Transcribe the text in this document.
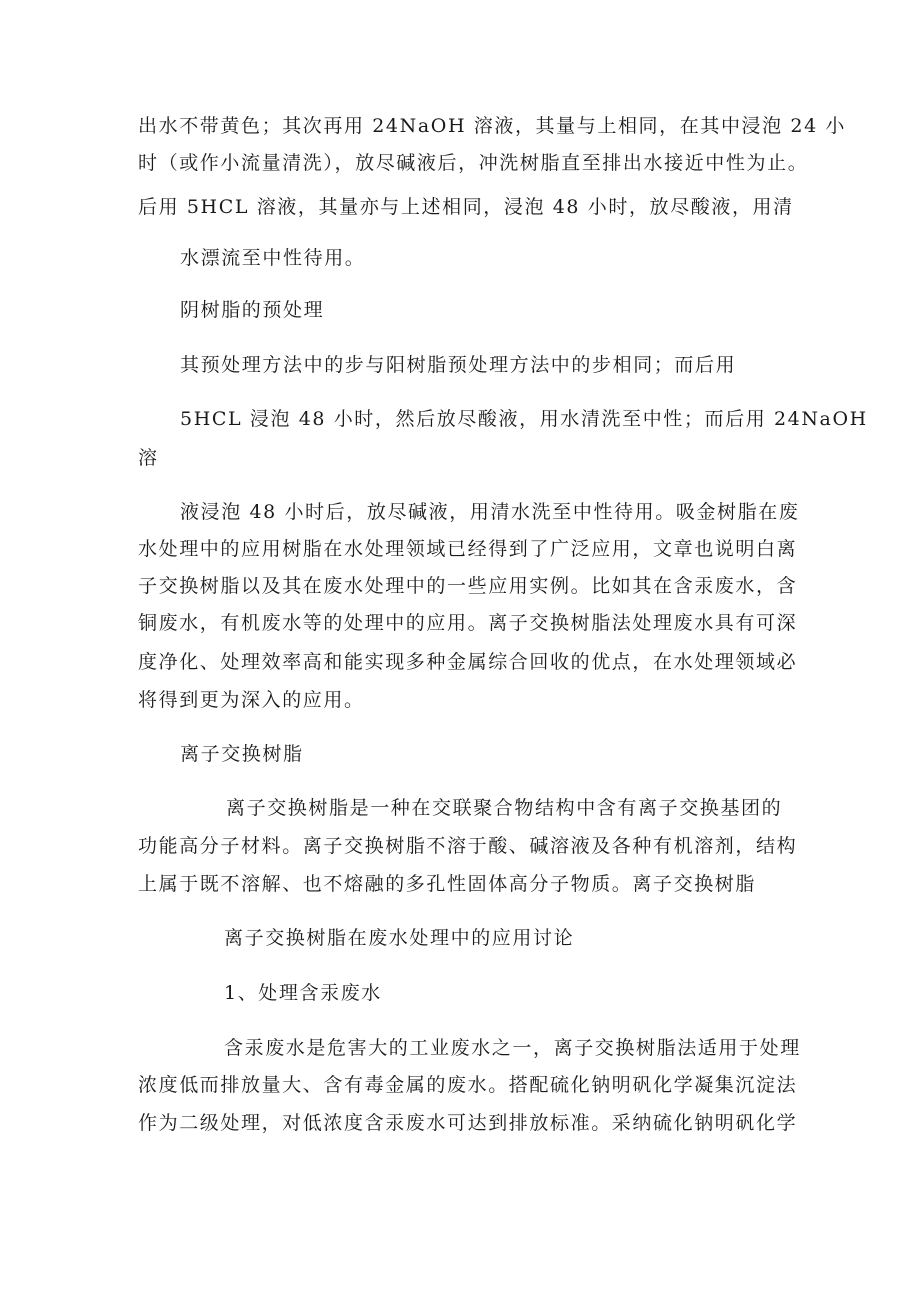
出水不带黄色；其次再用 24NaOH 溶液，其量与上相同，在其中浸泡 24 小
时（或作小流量清洗），放尽碱液后，冲洗树脂直至排出水接近中性为止。
后用 5HCL 溶液，其量亦与上述相同，浸泡 48 小时，放尽酸液，用清
水漂流至中性待用。
阴树脂的预处理
其预处理方法中的步与阳树脂预处理方法中的步相同；而后用
5HCL 浸泡 48 小时，然后放尽酸液，用水清洗至中性；而后用 24NaOH
溶
液浸泡 48 小时后，放尽碱液，用清水洗至中性待用。吸金树脂在废
水处理中的应用树脂在水处理领域已经得到了广泛应用，文章也说明白离
子交换树脂以及其在废水处理中的一些应用实例。比如其在含汞废水，含
铜废水，有机废水等的处理中的应用。离子交换树脂法处理废水具有可深
度净化、处理效率高和能实现多种金属综合回收的优点，在水处理领域必
将得到更为深入的应用。
离子交换树脂
离子交换树脂是一种在交联聚合物结构中含有离子交换基团的
功能高分子材料。离子交换树脂不溶于酸、碱溶液及各种有机溶剂，结构
上属于既不溶解、也不熔融的多孔性固体高分子物质。离子交换树脂
离子交换树脂在废水处理中的应用讨论
1、处理含汞废水
含汞废水是危害大的工业废水之一，离子交换树脂法适用于处理
浓度低而排放量大、含有毒金属的废水。搭配硫化钠明矾化学凝集沉淀法
作为二级处理，对低浓度含汞废水可达到排放标准。采纳硫化钠明矾化学
